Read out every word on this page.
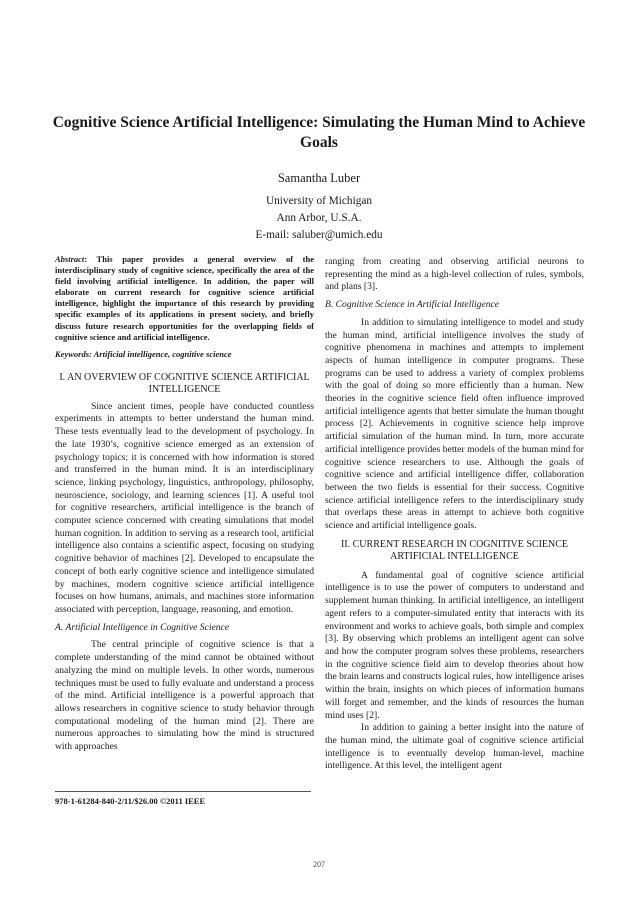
Cognitive Science Artificial Intelligence: Simulating the Human Mind to Achieve Goals
Samantha Luber
University of Michigan
Ann Arbor, U.S.A.
E-mail: saluber@umich.edu

Abstract: This paper provides a general overview of the interdisciplinary study of cognitive science, specifically the area of the field involving artificial intelligence. In addition, the paper will elaborate on current research for cognitive science artificial intelligence, highlight the importance of this research by providing specific examples of its applications in present society, and briefly discuss future research opportunities for the overlapping fields of cognitive science and artificial intelligence.

Keywords: Artificial intelligence, cognitive science

I. AN OVERVIEW OF COGNITIVE SCIENCE ARTIFICIAL INTELLIGENCE

Since ancient times, people have conducted countless experiments in attempts to better understand the human mind. These tests eventually lead to the development of psychology. In the late 1930’s, cognitive science emerged as an extension of psychology topics; it is concerned with how information is stored and transferred in the human mind. It is an interdisciplinary science, linking psychology, linguistics, anthropology, philosophy, neuroscience, sociology, and learning sciences [1]. A useful tool for cognitive researchers, artificial intelligence is the branch of computer science concerned with creating simulations that model human cognition. In addition to serving as a research tool, artificial intelligence also contains a scientific aspect, focusing on studying cognitive behavior of machines [2]. Developed to encapsulate the concept of both early cognitive science and intelligence simulated by machines, modern cognitive science artificial intelligence focuses on how humans, animals, and machines store information associated with perception, language, reasoning, and emotion.

A. Artificial Intelligence in Cognitive Science

The central principle of cognitive science is that a complete understanding of the mind cannot be obtained without analyzing the mind on multiple levels. In other words, numerous techniques must be used to fully evaluate and understand a process of the mind. Artificial intelligence is a powerful approach that allows researchers in cognitive science to study behavior through computational modeling of the human mind [2]. There are numerous approaches to simulating how the mind is structured with approaches

ranging from creating and observing artificial neurons to representing the mind as a high-level collection of rules, symbols, and plans [3].

B. Cognitive Science in Artificial Intelligence

In addition to simulating intelligence to model and study the human mind, artificial intelligence involves the study of cognitive phenomena in machines and attempts to implement aspects of human intelligence in computer programs. These programs can be used to address a variety of complex problems with the goal of doing so more efficiently than a human. New theories in the cognitive science field often influence improved artificial intelligence agents that better simulate the human thought process [2]. Achievements in cognitive science help improve artificial simulation of the human mind. In turn, more accurate artificial intelligence provides better models of the human mind for cognitive science researchers to use. Although the goals of cognitive science and artificial intelligence differ, collaboration between the two fields is essential for their success. Cognitive science artificial intelligence refers to the interdisciplinary study that overlaps these areas in attempt to achieve both cognitive science and artificial intelligence goals.

II. CURRENT RESEARCH IN COGNITIVE SCIENCE ARTIFICIAL INTELLIGENCE

A fundamental goal of cognitive science artificial intelligence is to use the power of computers to understand and supplement human thinking. In artificial intelligence, an intelligent agent refers to a computer-simulated entity that interacts with its environment and works to achieve goals, both simple and complex [3]. By observing which problems an intelligent agent can solve and how the computer program solves these problems, researchers in the cognitive science field aim to develop theories about how the brain learns and constructs logical rules, how intelligence arises within the brain, insights on which pieces of information humans will forget and remember, and the kinds of resources the human mind uses [2].

In addition to gaining a better insight into the nature of the human mind, the ultimate goal of cognitive science artificial intelligence is to eventually develop human-level, machine intelligence. At this level, the intelligent agent

978-1-61284-840-2/11/$26.00 ©2011 IEEE
207
